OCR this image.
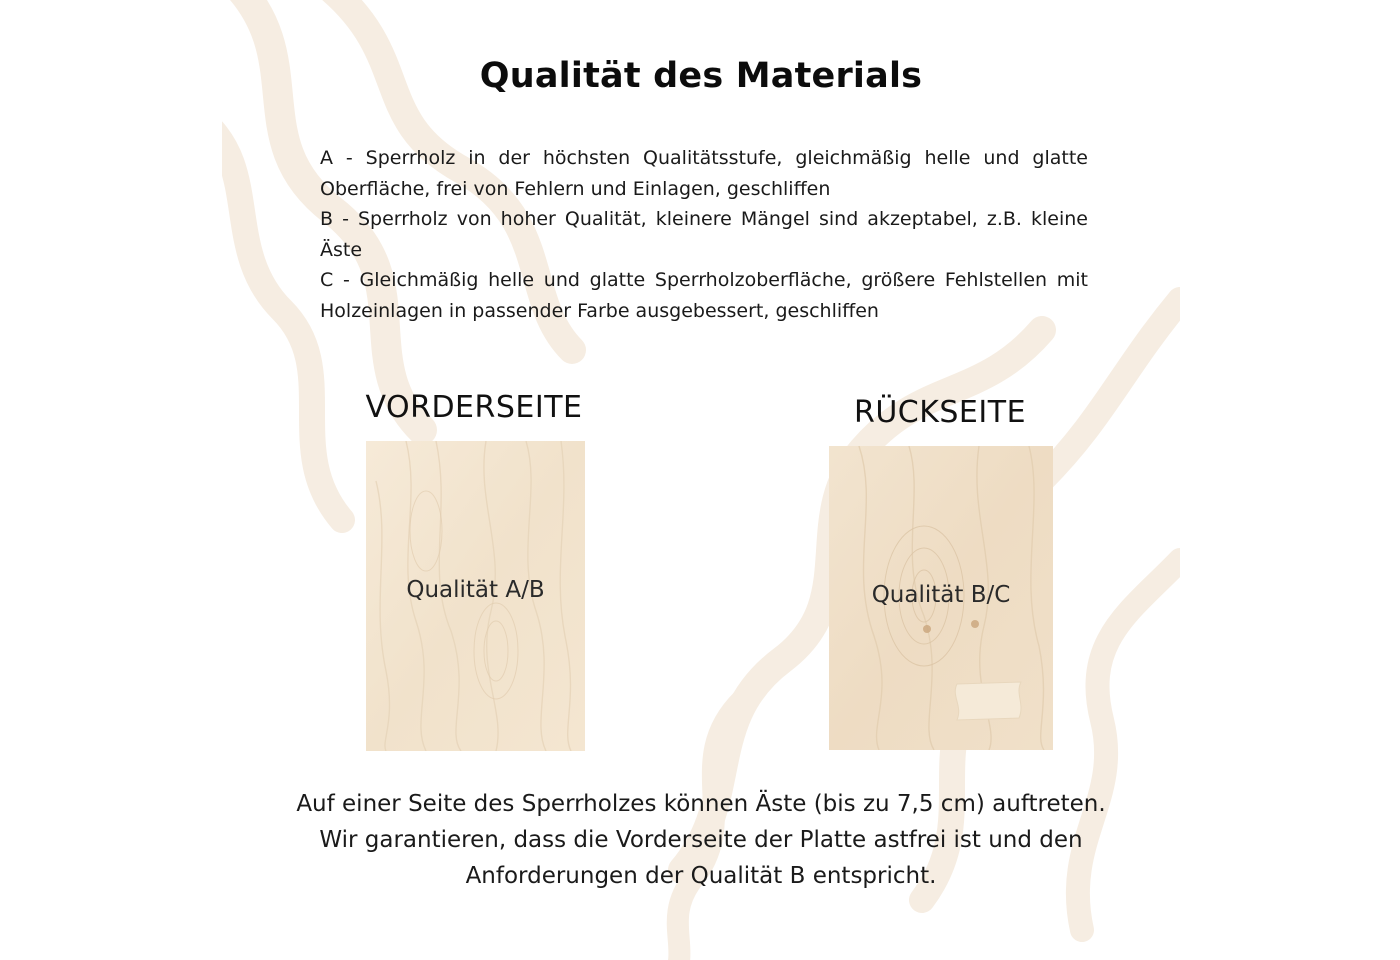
Qualität des Materials

A - Sperrholz in der höchsten Qualitätsstufe, gleichmäßig helle und glatte Oberfläche, frei von Fehlern und Einlagen, geschliffen

B - Sperrholz von hoher Qualität, kleinere Mängel sind akzeptabel, z.B. kleine Äste

C - Gleichmäßig helle und glatte Sperrholzoberfläche, größere Fehlstellen mit Holzeinlagen in passender Farbe ausgebessert, geschliffen

VORDERSEITE	RÜCKSEITE
Qualität A/B	Qualität B/C

Auf einer Seite des Sperrholzes können Äste (bis zu 7,5 cm) auftreten. Wir garantieren, dass die Vorderseite der Platte astfrei ist und den Anforderungen der Qualität B entspricht.
